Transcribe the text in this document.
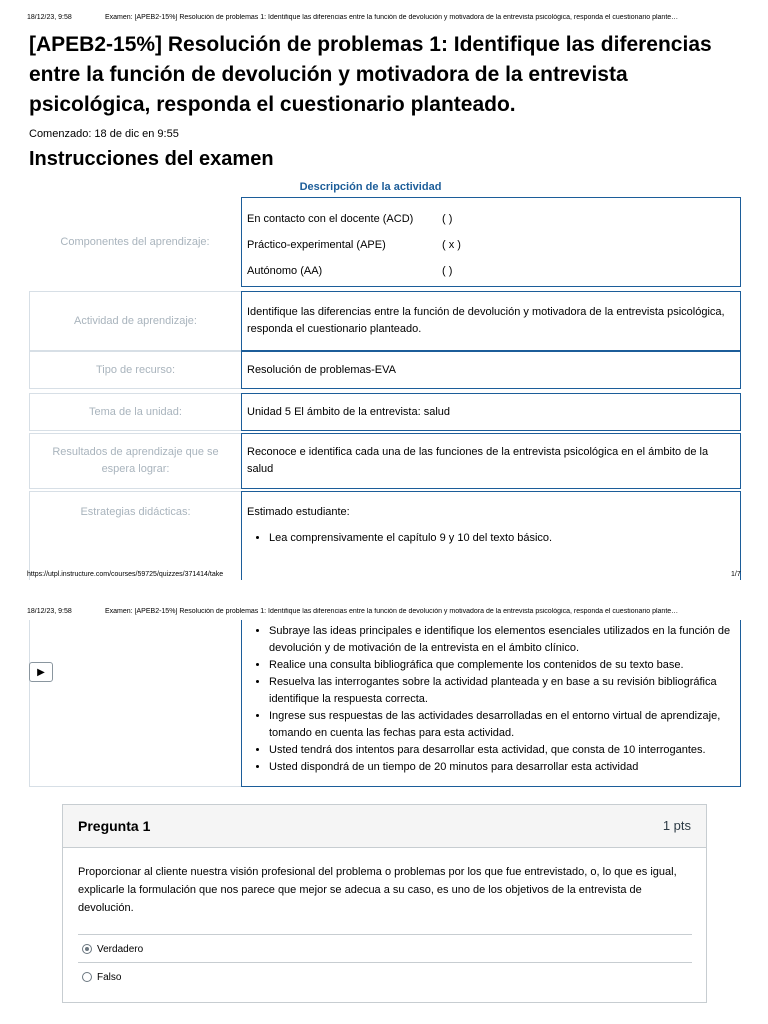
18/12/23, 9:58	Examen: [APEB2-15%] Resolución de problemas 1: Identifique las diferencias entre la función de devolución y motivadora de la entrevista psicológica, responda el cuestionario plante…
[APEB2-15%] Resolución de problemas 1: Identifique las diferencias entre la función de devolución y motivadora de la entrevista psicológica, responda el cuestionario planteado.
Comenzado: 18 de dic en 9:55
Instrucciones del examen
Descripción de la actividad
Componentes del aprendizaje:
En contacto con el docente (ACD)	( )
Práctico-experimental (APE)	( x )
Autónomo (AA)	( )
Actividad de aprendizaje:
Identifique las diferencias entre la función de devolución y motivadora de la entrevista psicológica, responda el cuestionario planteado.
Tipo de recurso:	Resolución de problemas-EVA
Tema de la unidad:	Unidad 5 El ámbito de la entrevista: salud
Resultados de aprendizaje que se espera lograr:
Reconoce e identifica cada una de las funciones de la entrevista psicológica en el ámbito de la salud
Estrategias didácticas:	Estimado estudiante:
• Lea comprensivamente el capítulo 9 y 10 del texto básico.
https://utpl.instructure.com/courses/59725/quizzes/371414/take	1/7
18/12/23, 9:58	Examen: [APEB2-15%] Resolución de problemas 1: Identifique las diferencias entre la función de devolución y motivadora de la entrevista psicológica, responda el cuestionario plante…
• Subraye las ideas principales e identifique los elementos esenciales utilizados en la función de devolución y de motivación de la entrevista en el ámbito clínico.
• Realice una consulta bibliográfica que complemente los contenidos de su texto base.
• Resuelva las interrogantes sobre la actividad planteada y en base a su revisión bibliográfica identifique la respuesta correcta.
• Ingrese sus respuestas de las actividades desarrolladas en el entorno virtual de aprendizaje, tomando en cuenta las fechas para esta actividad.
• Usted tendrá dos intentos para desarrollar esta actividad, que consta de 10 interrogantes.
• Usted dispondrá de un tiempo de 20 minutos para desarrollar esta actividad
▶
Pregunta 1	1 pts
Proporcionar al cliente nuestra visión profesional del problema o problemas por los que fue entrevistado, o, lo que es igual, explicarle la formulación que nos parece que mejor se adecua a su caso, es uno de los objetivos de la entrevista de devolución.
Verdadero
Falso
